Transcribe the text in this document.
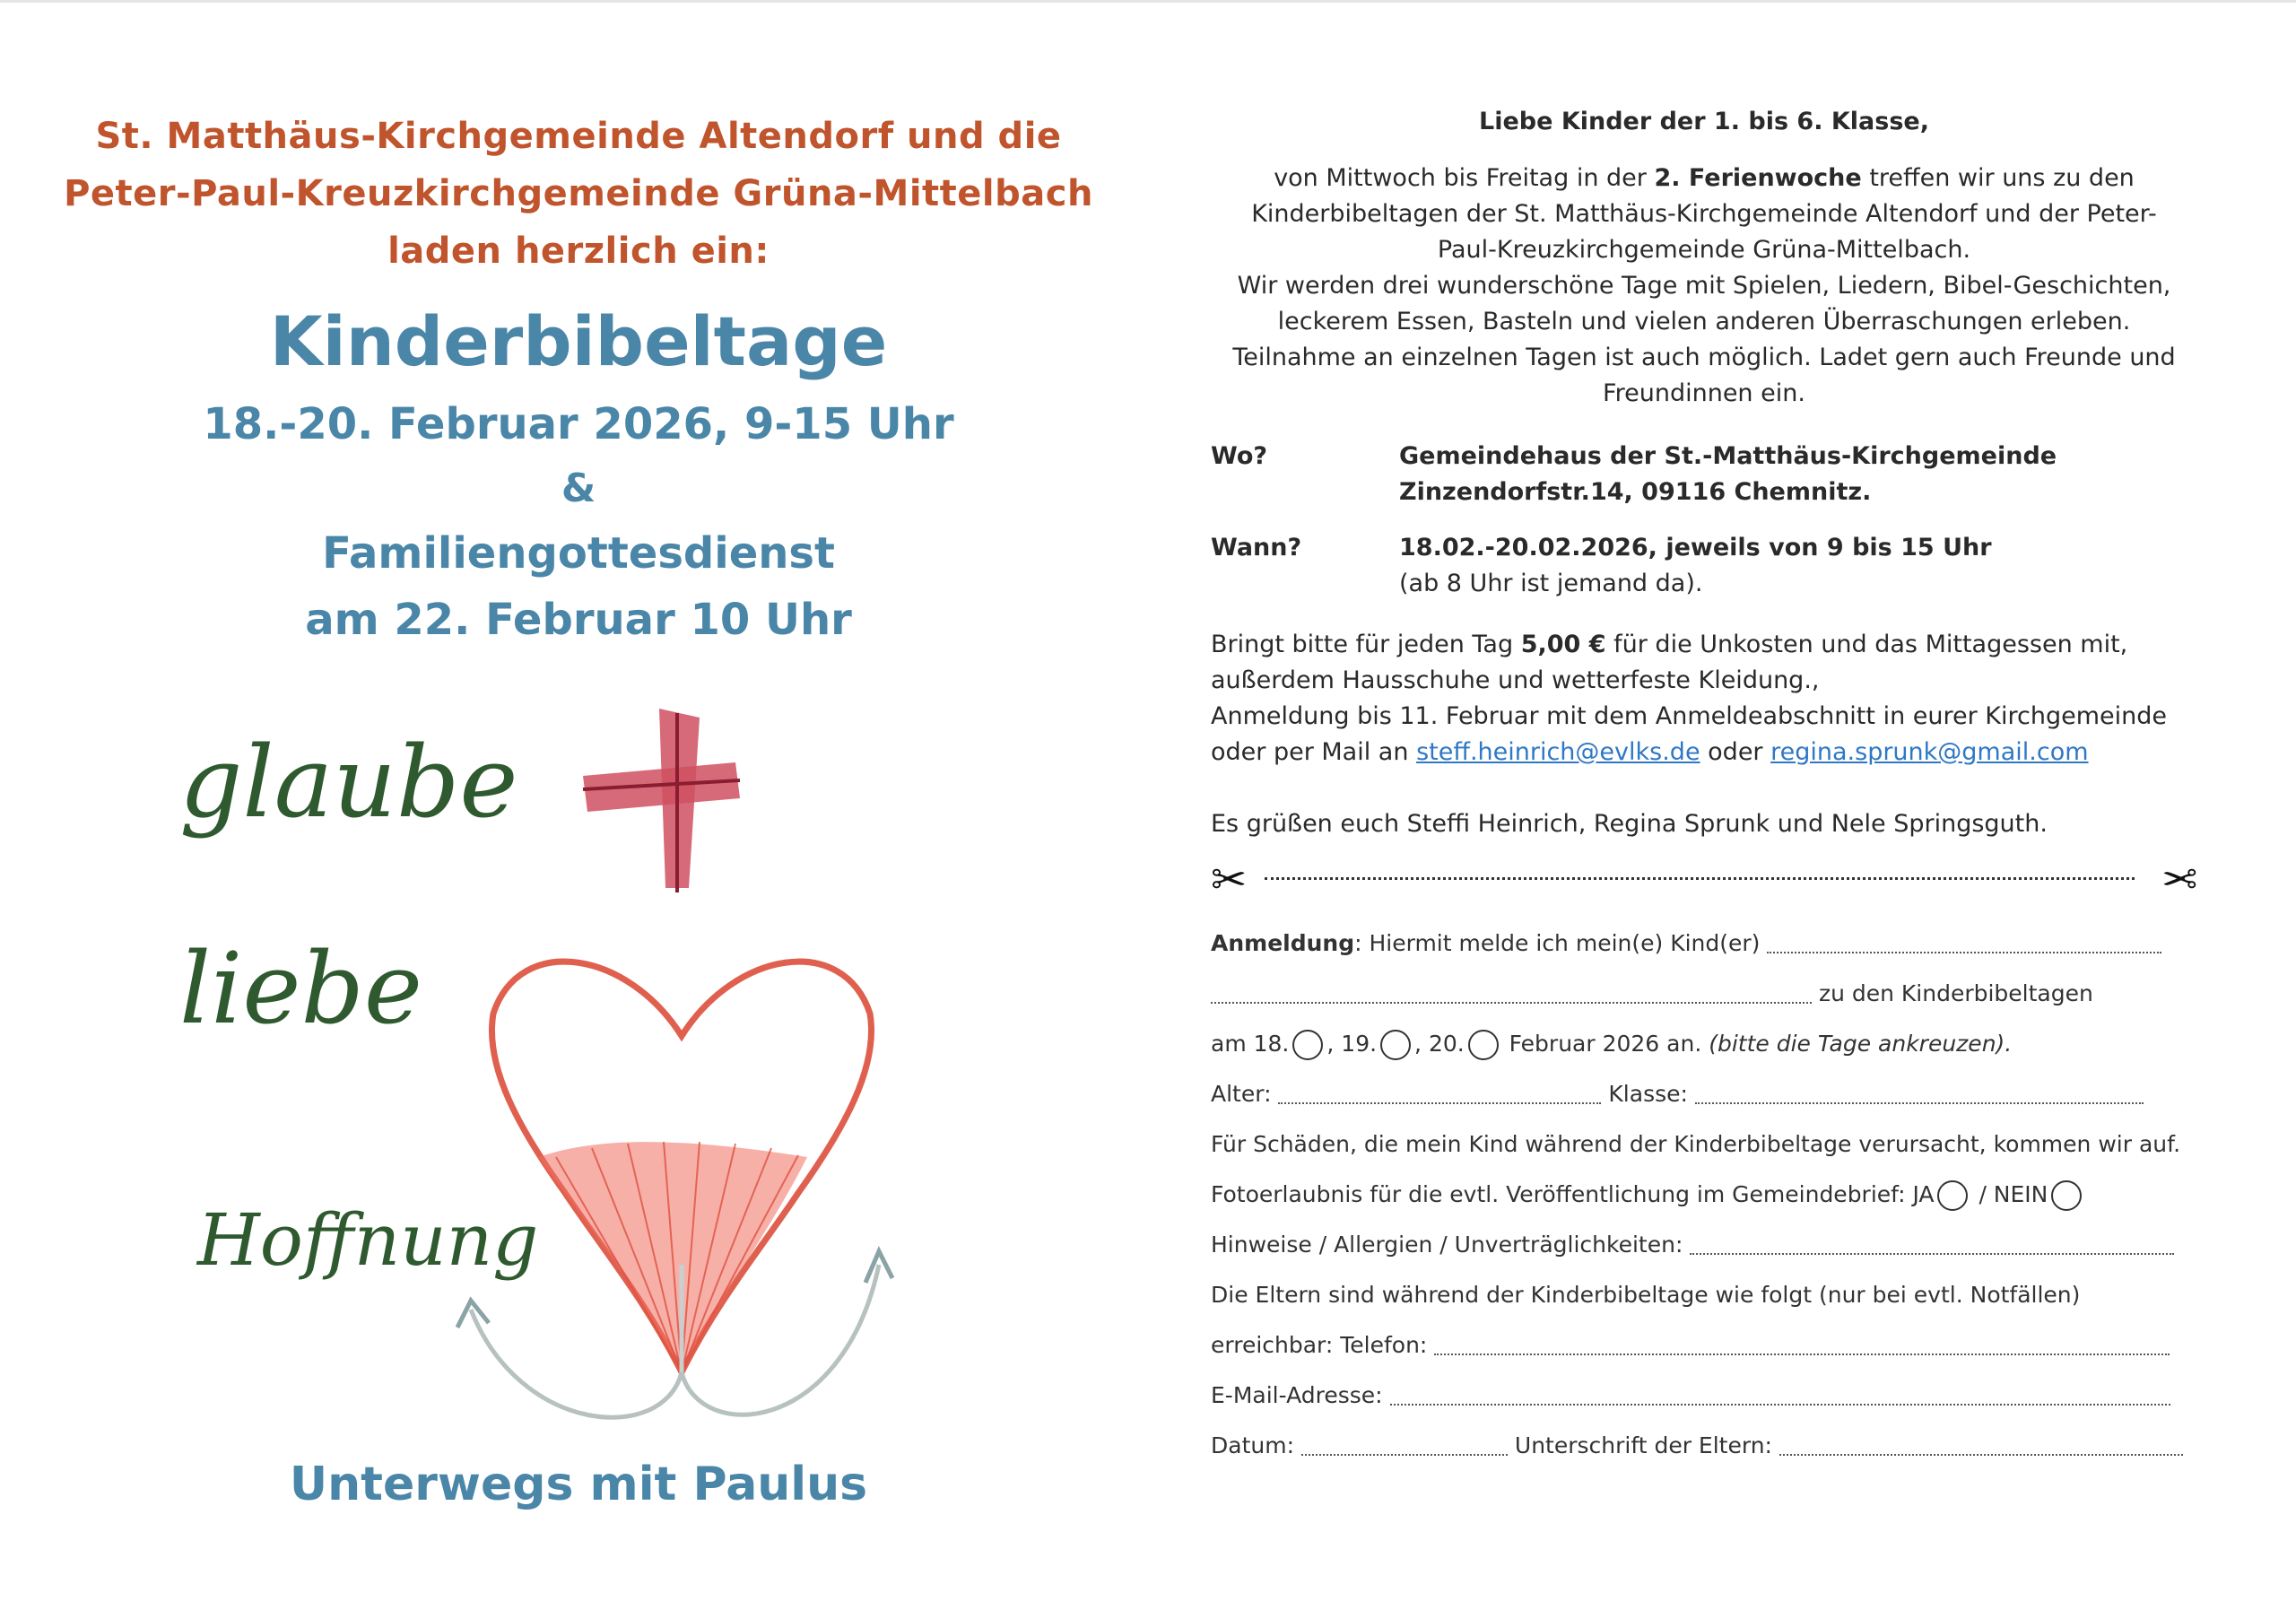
St. Matthäus-Kirchgemeinde Altendorf und die
Peter-Paul-Kreuzkirchgemeinde Grüna-Mittelbach
laden herzlich ein:
Kinderbibeltage
18.-20. Februar 2026, 9-15 Uhr
&
Familiengottesdienst
am 22. Februar 10 Uhr
glaube
liebe
Hoffnung
Unterwegs mit Paulus
Liebe Kinder der 1. bis 6. Klasse,

von Mittwoch bis Freitag in der 2. Ferienwoche treffen wir uns zu den

Kinderbibeltagen der St. Matthäus-Kirchgemeinde Altendorf und der Peter-

Paul-Kreuzkirchgemeinde Grüna-Mittelbach.

Wir werden drei wunderschöne Tage mit Spielen, Liedern, Bibel-Geschichten,

leckerem Essen, Basteln und vielen anderen Überraschungen erleben.

Teilnahme an einzelnen Tagen ist auch möglich. Ladet gern auch Freunde und

Freundinnen ein.

Wo?	Gemeindehaus der St.-Matthäus-Kirchgemeinde
Zinzendorfstr.14, 09116 Chemnitz.
Wann?	18.02.-20.02.2026, jeweils von 9 bis 15 Uhr
(ab 8 Uhr ist jemand da).
Bringt bitte für jeden Tag 5,00 € für die Unkosten und das Mittagessen mit,
außerdem Hausschuhe und wetterfeste Kleidung.,
Anmeldung bis 11. Februar mit dem Anmeldeabschnitt in eurer Kirchgemeinde
oder per Mail an steff.heinrich@evlks.de oder regina.sprunk@gmail.com
Es grüßen euch Steffi Heinrich, Regina Sprunk und Nele Springsguth.
✂	✂
Anmeldung: Hiermit melde ich mein(e) Kind(er)
zu den Kinderbibeltagen
am 18. , 19. , 20. Februar 2026 an. (bitte die Tage ankreuzen).
Alter:	Klasse:
Für Schäden, die mein Kind während der Kinderbibeltage verursacht, kommen wir auf.
Fotoerlaubnis für die evtl. Veröffentlichung im Gemeindebrief: JA / NEIN
Hinweise / Allergien / Unverträglichkeiten:
Die Eltern sind während der Kinderbibeltage wie folgt (nur bei evtl. Notfällen)
erreichbar: Telefon:
E-Mail-Adresse:
Datum:	Unterschrift der Eltern:
